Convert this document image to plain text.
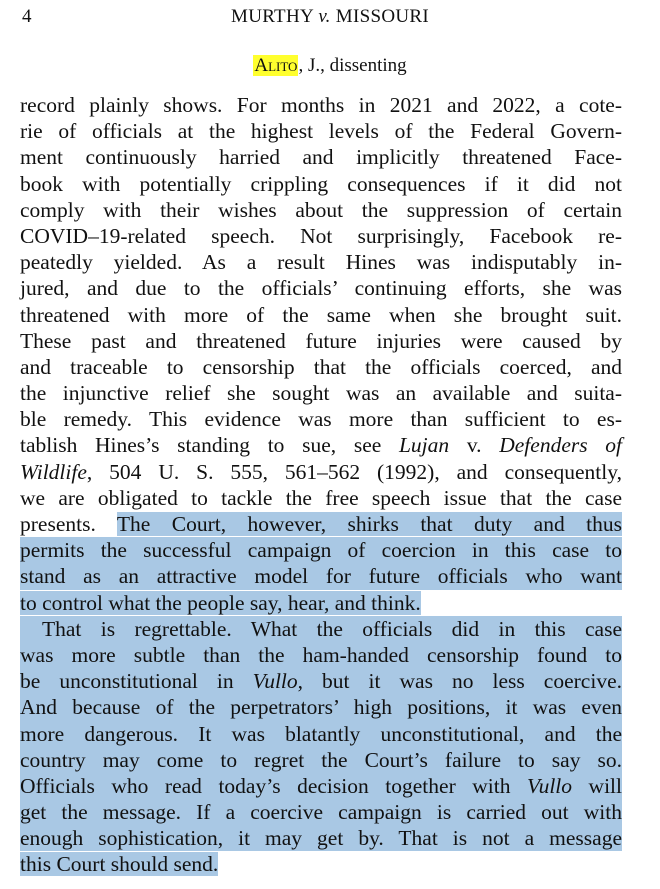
4	MURTHY v. MISSOURI
Alito, J., dissenting
record plainly shows. For months in 2021 and 2022, a cote-
rie of officials at the highest levels of the Federal Govern-
ment continuously harried and implicitly threatened Face-
book with potentially crippling consequences if it did not
comply with their wishes about the suppression of certain
COVID–19-related speech. Not surprisingly, Facebook re-
peatedly yielded. As a result Hines was indisputably in-
jured, and due to the officials’ continuing efforts, she was
threatened with more of the same when she brought suit.
These past and threatened future injuries were caused by
and traceable to censorship that the officials coerced, and
the injunctive relief she sought was an available and suita-
ble remedy. This evidence was more than sufficient to es-
tablish Hines’s standing to sue, see Lujan v. Defenders of
Wildlife, 504 U. S. 555, 561–562 (1992), and consequently,
we are obligated to tackle the free speech issue that the case
presents. The Court, however, shirks that duty and thus
permits the successful campaign of coercion in this case to
stand as an attractive model for future officials who want
to control what the people say, hear, and think.
That is regrettable. What the officials did in this case
was more subtle than the ham-handed censorship found to
be unconstitutional in Vullo, but it was no less coercive.
And because of the perpetrators’ high positions, it was even
more dangerous. It was blatantly unconstitutional, and the
country may come to regret the Court’s failure to say so.
Officials who read today’s decision together with Vullo will
get the message. If a coercive campaign is carried out with
enough sophistication, it may get by. That is not a message
this Court should send.
